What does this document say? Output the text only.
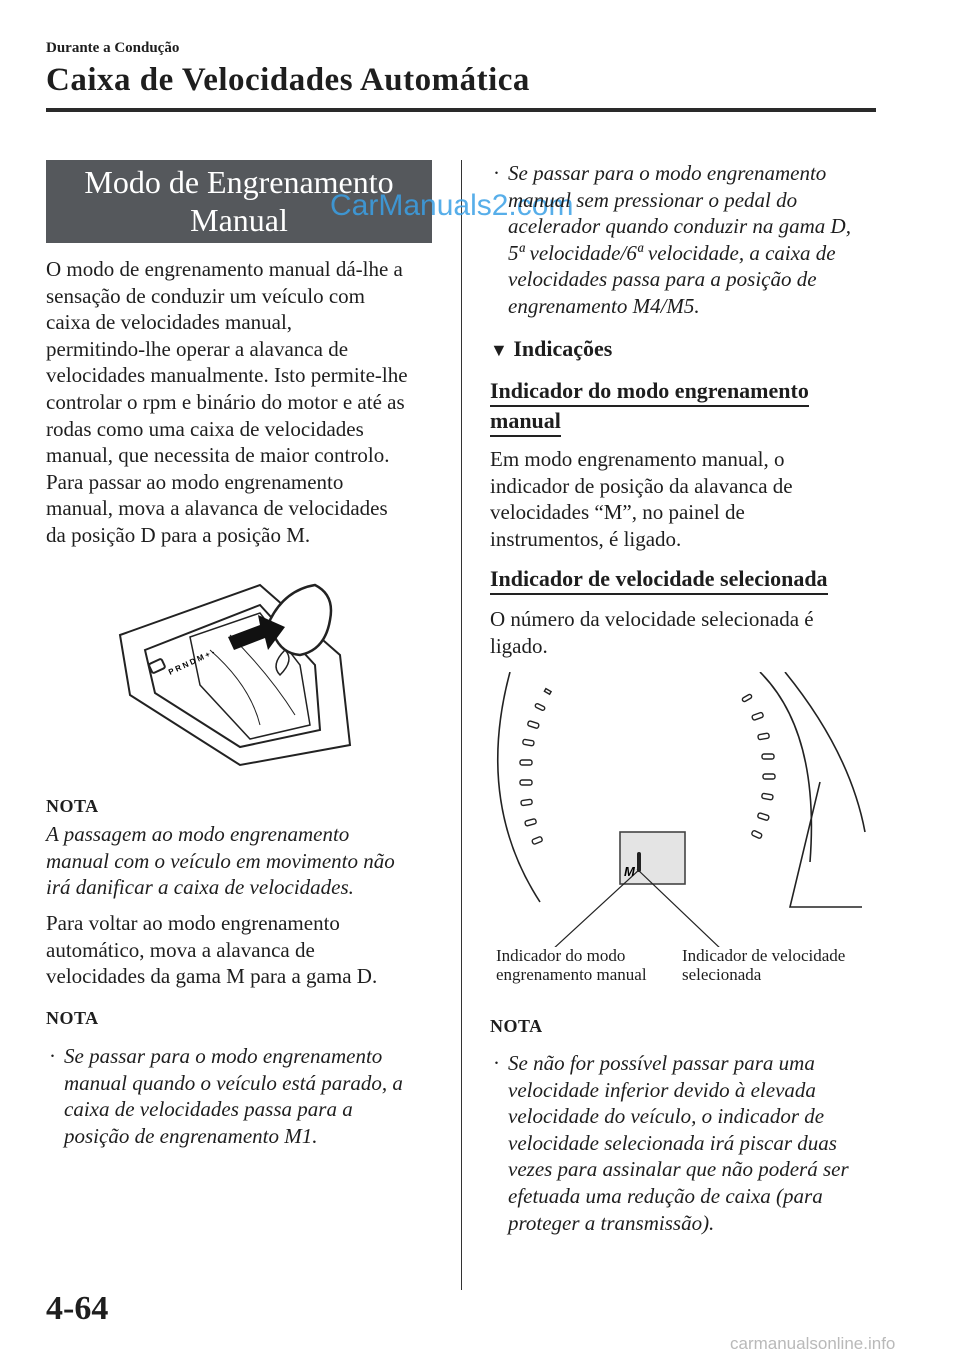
Durante a Condução
Caixa de Velocidades Automática
Modo de Engrenamento
Manual	CarManuals2.com
O modo de engrenamento manual dá-lhe a
sensação de conduzir um veículo com
caixa de velocidades manual,
permitindo-lhe operar a alavanca de
velocidades manualmente. Isto permite-lhe
controlar o rpm e binário do motor e até as
rodas como uma caixa de velocidades
manual, que necessita de maior controlo.
Para passar ao modo engrenamento
manual, mova a alavanca de velocidades
da posição D para a posição M.
P R N D M + -
NOTA
A passagem ao modo engrenamento
manual com o veículo em movimento não
irá danificar a caixa de velocidades.
Para voltar ao modo engrenamento
automático, mova a alavanca de
velocidades da gama M para a gama D.
NOTA
· Se passar para o modo engrenamento
manual quando o veículo está parado, a
caixa de velocidades passa para a
posição de engrenamento M1.
· Se passar para o modo engrenamento
manual sem pressionar o pedal do
acelerador quando conduzir na gama D,
5ª velocidade/6ª velocidade, a caixa de
velocidades passa para a posição de
engrenamento M4/M5.
▼ Indicações
Indicador do modo engrenamento
manual
Em modo engrenamento manual, o
indicador de posição da alavanca de
velocidades “M”, no painel de
instrumentos, é ligado.
Indicador de velocidade selecionada
O número da velocidade selecionada é
ligado.
M
Indicador do modo
engrenamento manual
Indicador de velocidade
selecionada
NOTA
· Se não for possível passar para uma
velocidade inferior devido à elevada
velocidade do veículo, o indicador de
velocidade selecionada irá piscar duas
vezes para assinalar que não poderá ser
efetuada uma redução de caixa (para
proteger a transmissão).
4-64
carmanualsonline.info
